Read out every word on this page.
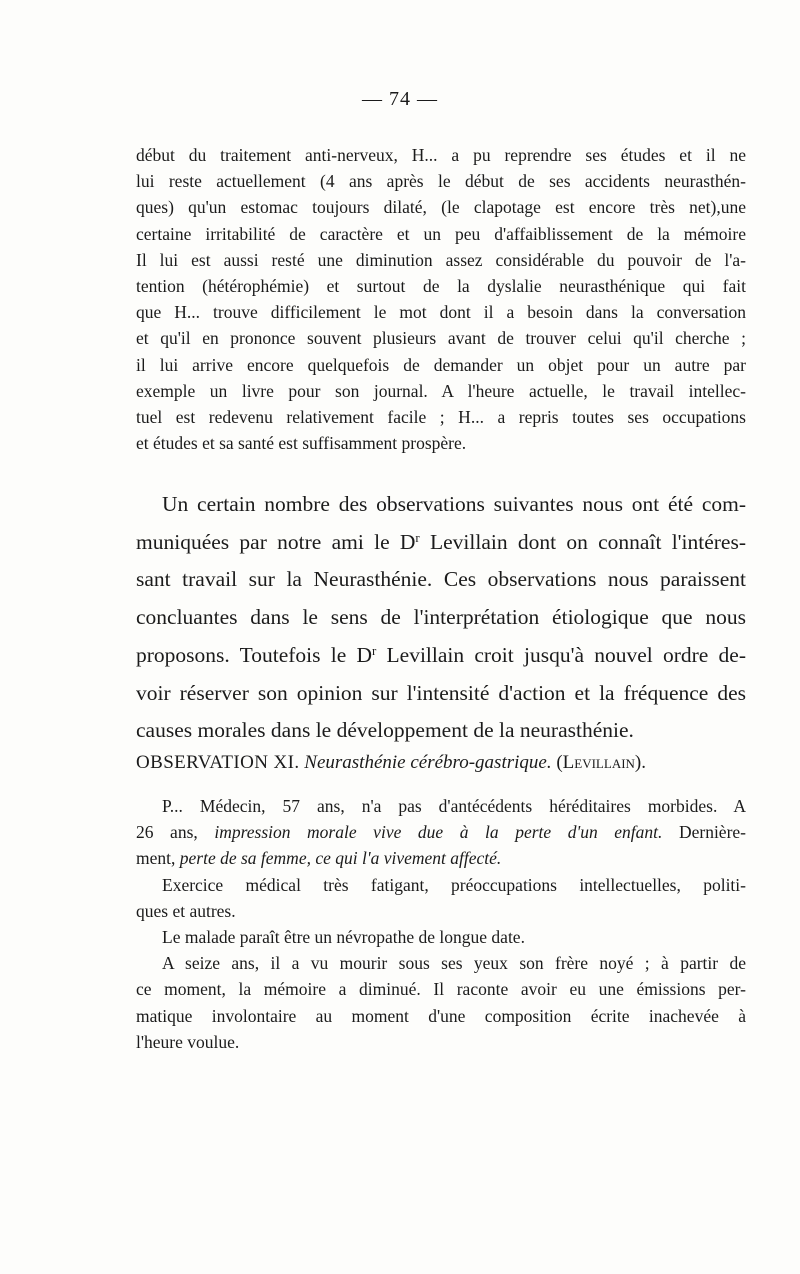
— 74 —
début du traitement anti-nerveux, H... a pu reprendre ses études et il ne
lui reste actuellement (4 ans après le début de ses accidents neurasthén-
ques) qu'un estomac toujours dilaté, (le clapotage est encore très net),une
certaine irritabilité de caractère et un peu d'affaiblissement de la mémoire
Il lui est aussi resté une diminution assez considérable du pouvoir de l'a-
tention (hétérophémie) et surtout de la dyslalie neurasthénique qui fait
que H... trouve difficilement le mot dont il a besoin dans la conversation
et qu'il en prononce souvent plusieurs avant de trouver celui qu'il cherche ;
il lui arrive encore quelquefois de demander un objet pour un autre par
exemple un livre pour son journal. A l'heure actuelle, le travail intellec-
tuel est redevenu relativement facile ; H... a repris toutes ses occupations
et études et sa santé est suffisamment prospère.
Un certain nombre des observations suivantes nous ont été com-
muniquées par notre ami le $D^r$ Levillain dont on connaît l'intéres-
sant travail sur la Neurasthénie. Ces observations nous paraissent
concluantes dans le sens de l'interprétation étiologique que nous
proposons. Toutefois le $D^r$ Levillain croit jusqu'à nouvel ordre de-
voir réserver son opinion sur l'intensité d'action et la fréquence des
causes morales dans le développement de la neurasthénie.
OBSERVATION XI. Neurasthénie cérébro-gastrique. (Levillain).
P... Médecin, 57 ans, n'a pas d'antécédents héréditaires morbides. A
26 ans, impression morale vive due à la perte d'un enfant. Dernière-
ment, perte de sa femme, ce qui l'a vivement affecté.
Exercice médical très fatigant, préoccupations intellectuelles, politi-
ques et autres.
Le malade paraît être un névropathe de longue date.
A seize ans, il a vu mourir sous ses yeux son frère noyé ; à partir de
ce moment, la mémoire a diminué. Il raconte avoir eu une émissions per-
matique involontaire au moment d'une composition écrite inachevée à
l'heure voulue.
